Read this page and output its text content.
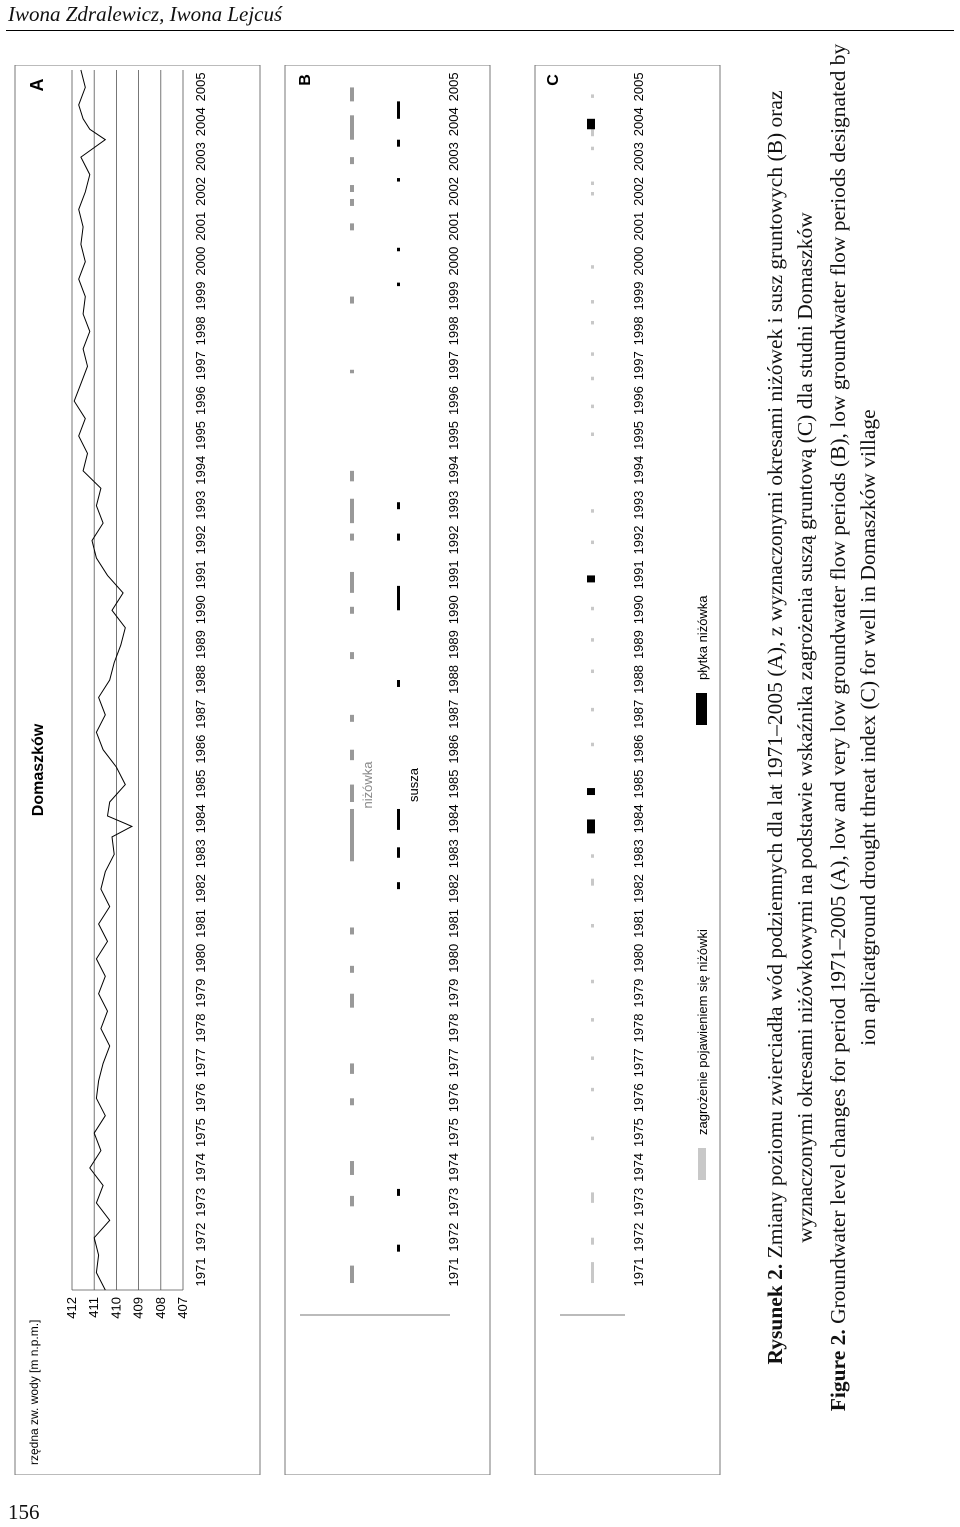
Iwona Zdralewicz, Iwona Lejcuś
rzędna zw. wody [m n.p.m.]
Domaszków
A
407
408
409
410
411
412
1971
1972
1973
1974
1975
1976
1977
1978
1979
1980
1981
1982
1983
1984
1985
1986
1987
1988
1989
1990
1991
1992
1993
1994
1995
1996
1997
1998
1999
2000
2001
2002
2003
2004
2005	B
niżówka susza
1971
1972
1973
1974
1975
1976
1977
1978
1979
1980
1981
1982
1983
1984
1985
1986
1987
1988
1989
1990
1991
1992
1993
1994
1995
1996
1997
1998
1999
2000
2001
2002
2003
2004
2005	C
1971
1972
1973
1974
1975
1976
1977
1978
1979
1980
1981
1982
1983
1984
1985
1986
1987
1988
1989
1990
1991
1992
1993
1994
1995
1996
1997
1998
1999
2000
2001
2002
2003
2004
2005
zagrożenie pojawieniem się niżówki
płytka niżówka

Rysunek 2. Zmiany poziomu zwierciadła wód podziemnych dla lat 1971–2005 (A), z wyznaczonymi okresami niżówek i susz gruntowych (B) oraz wyznaczonymi okresami niżówkowymi na podstawie wskaźnika zagrożenia suszą gruntową (C) dla studni Domaszków

Figure 2. Groundwater level changes for period 1971–2005 (A), low and very low groundwater flow periods (B), low groundwater flow periods designated by ion aplicatground drought threat index (C) for well in Domaszków village

156
